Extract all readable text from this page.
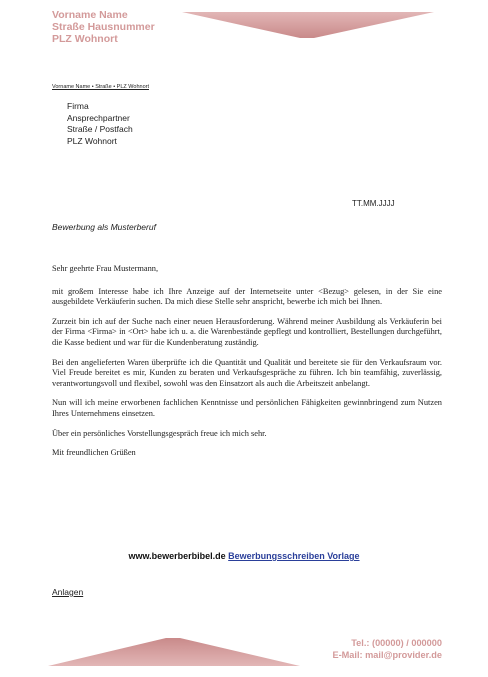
Vorname Name
Straße Hausnummer
PLZ Wohnort
Vorname Name • Straße • PLZ Wohnort
Firma
Ansprechpartner
Straße / Postfach
PLZ Wohnort
TT.MM.JJJJ
Bewerbung als Musterberuf

Sehr geehrte Frau Mustermann,

mit großem Interesse habe ich Ihre Anzeige auf der Internetseite unter <Bezug> gelesen, in der Sie eine ausgebildete Verkäuferin suchen. Da mich diese Stelle sehr anspricht, bewerbe ich mich bei Ihnen.

Zurzeit bin ich auf der Suche nach einer neuen Herausforderung. Während meiner Ausbildung als Verkäuferin bei der Firma <Firma> in <Ort> habe ich u. a. die Warenbestände gepflegt und kontrolliert, Bestellungen durchgeführt, die Kasse bedient und war für die Kundenberatung zuständig.

Bei den angelieferten Waren überprüfte ich die Quantität und Qualität und bereitete sie für den Verkaufsraum vor. Viel Freude bereitet es mir, Kunden zu beraten und Verkaufsgespräche zu führen. Ich bin teamfähig, zuverlässig, verantwortungsvoll und flexibel, sowohl was den Einsatzort als auch die Arbeitszeit anbelangt.

Nun will ich meine erworbenen fachlichen Kenntnisse und persönlichen Fähigkeiten gewinnbringend zum Nutzen Ihres Unternehmens einsetzen.

Über ein persönliches Vorstellungsgespräch freue ich mich sehr.

Mit freundlichen Grüßen

www.bewerberbibel.de Bewerbungsschreiben Vorlage
Anlagen
Tel.: (00000) / 000000
E-Mail: mail@provider.de
